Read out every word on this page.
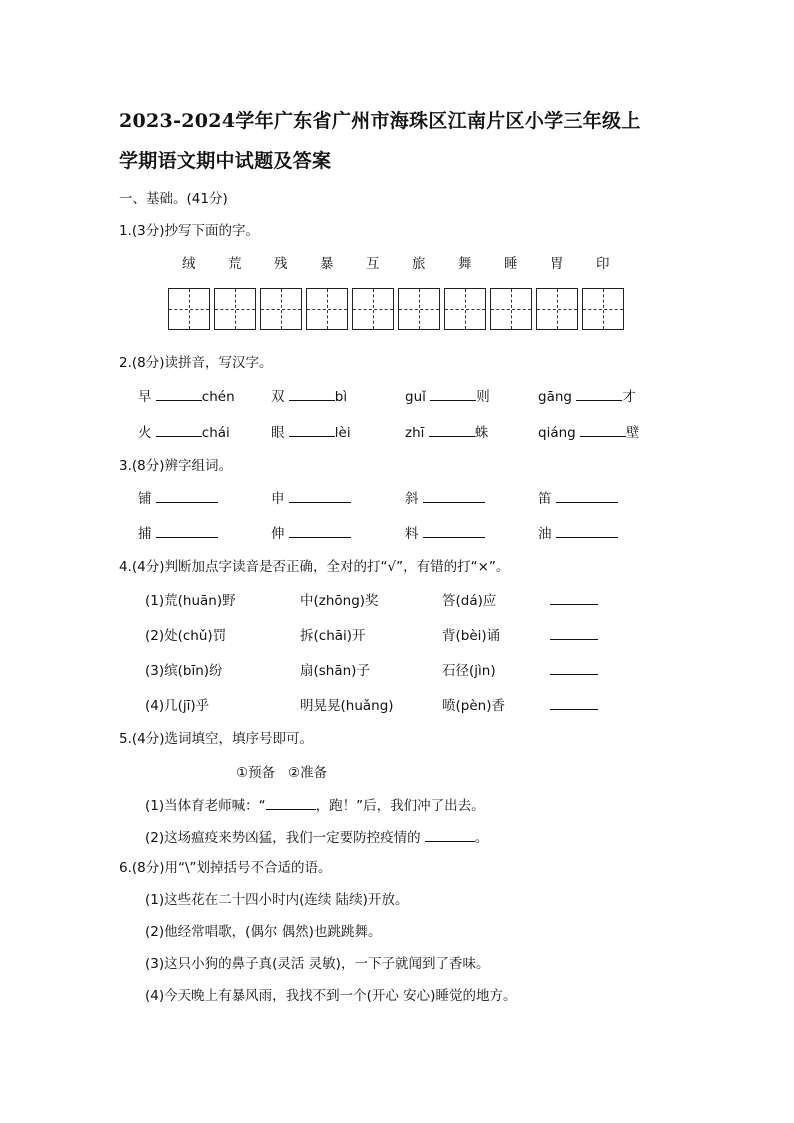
2023-2024学年广东省广州市海珠区江南片区小学三年级上
学期语文期中试题及答案
一、基础。(41分)
1.(3分)抄写下面的字。
绒 荒 残 暴 互 旅 舞 睡 胃 印
2.(8分)读拼音，写汉字。
早	chén	双	bì	guǐ	则	gāng	才
火	chái	眼	lèi	zhī	蛛	qiáng	壁
3.(8分)辨字组词。
铺	申	斜	笛
捕	伸	料	油
4.(4分)判断加点字读音是否正确，全对的打“√”，有错的打“×”。
(1)荒(huān)野	中(zhōng)奖	答(dá)应
(2)处(chǔ)罚	拆(chāi)开	背(bèi)诵
(3)缤(bīn)纷	扇(shān)子	石径(jìn)
(4)几(jī)乎	明晃晃(huǎng)	喷(pèn)香
5.(4分)选词填空，填序号即可。
①预备   ②准备
(1)当体育老师喊：“	，跑！”后，我们冲了出去。
(2)这场瘟疫来势凶猛，我们一定要防控疫情的	。
6.(8分)用“\”划掉括号不合适的语。
(1)这些花在二十四小时内(连续 陆续)开放。
(2)他经常唱歌，(偶尔 偶然)也跳跳舞。
(3)这只小狗的鼻子真(灵活 灵敏)，一下子就闻到了香味。
(4)今天晚上有暴风雨，我找不到一个(开心 安心)睡觉的地方。
